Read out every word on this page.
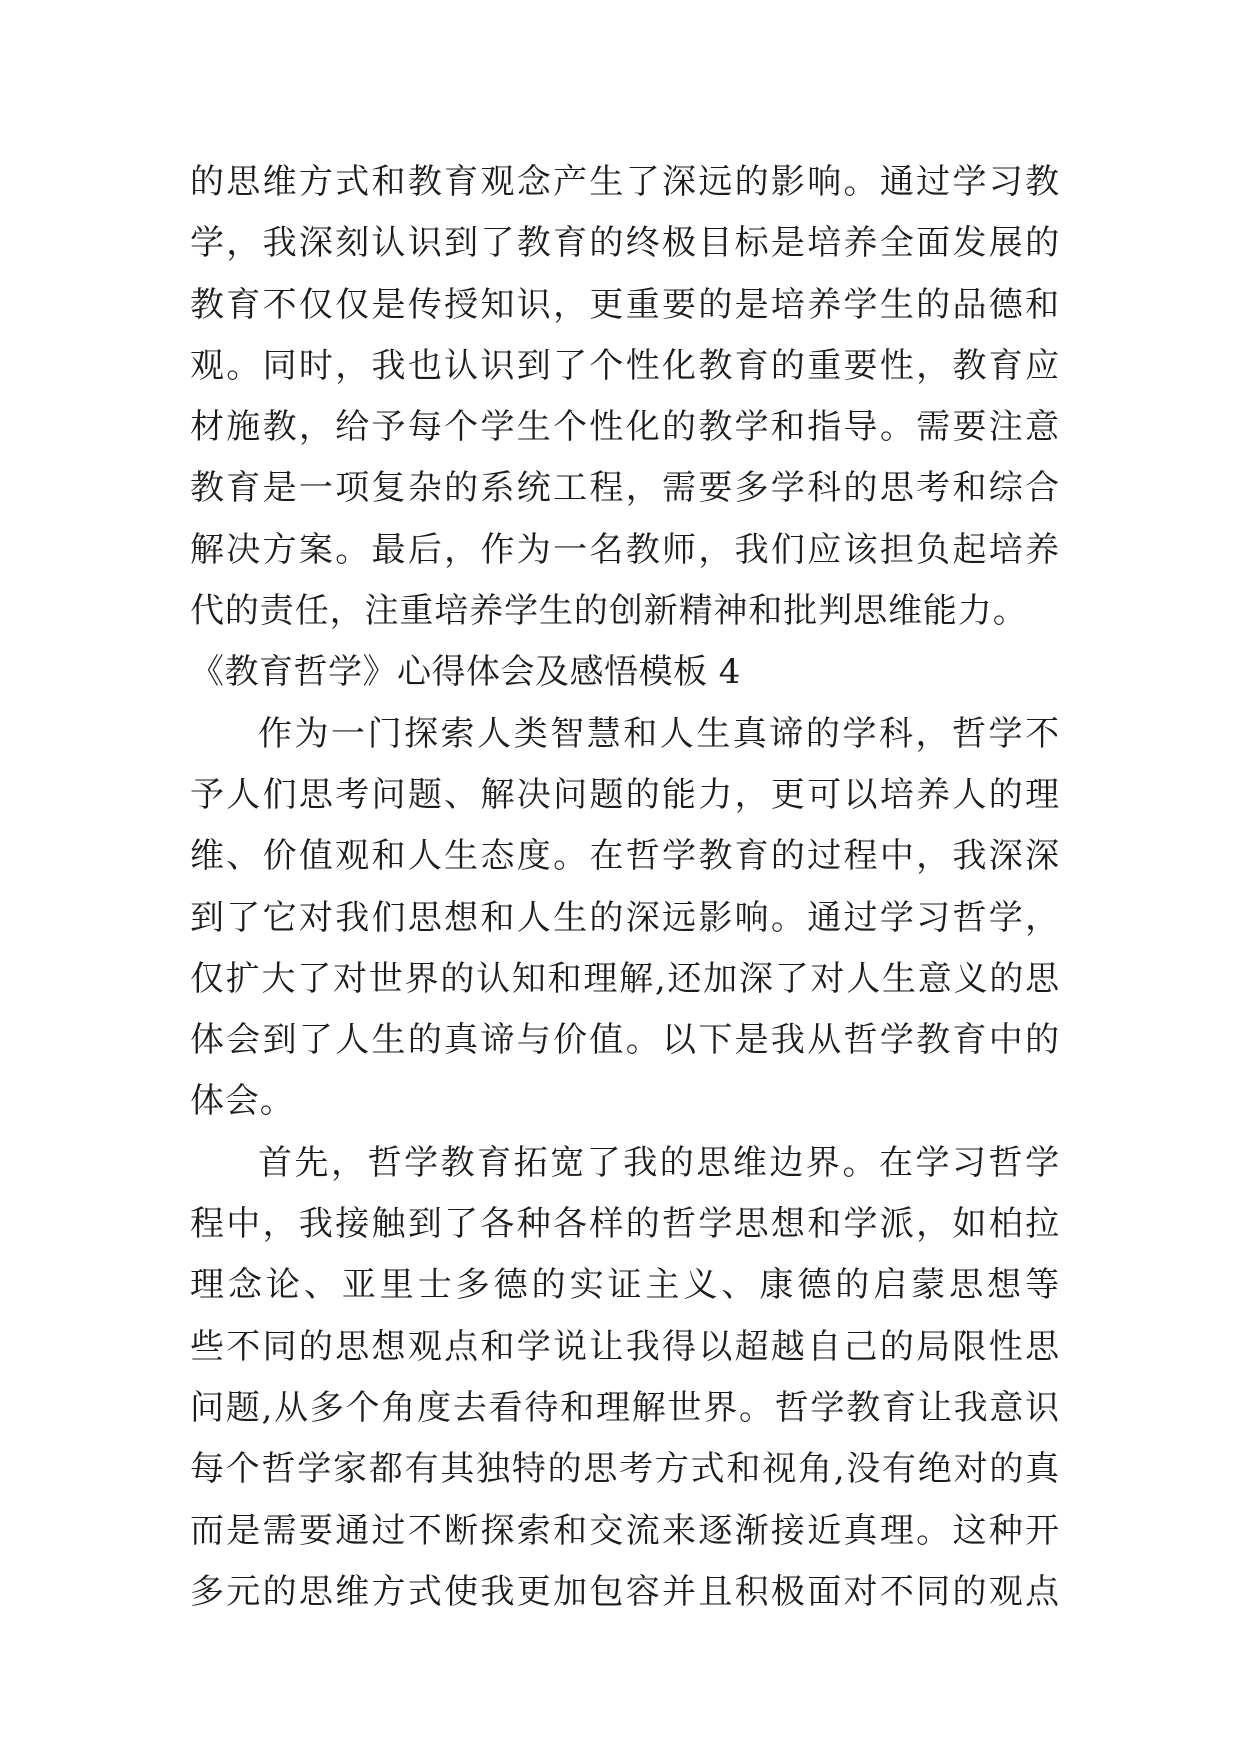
的思维方式和教育观念产生了深远的影响。通过学习教
学，我深刻认识到了教育的终极目标是培养全面发展的
教育不仅仅是传授知识，更重要的是培养学生的品德和
观。同时，我也认识到了个性化教育的重要性，教育应
材施教，给予每个学生个性化的教学和指导。需要注意
教育是一项复杂的系统工程，需要多学科的思考和综合
解决方案。最后，作为一名教师，我们应该担负起培养
代的责任，注重培养学生的创新精神和批判思维能力。
《教育哲学》心得体会及感悟模板 4
作为一门探索人类智慧和人生真谛的学科，哲学不
予人们思考问题、解决问题的能力，更可以培养人的理
维、价值观和人生态度。在哲学教育的过程中，我深深
到了它对我们思想和人生的深远影响。通过学习哲学，
仅扩大了对世界的认知和理解,还加深了对人生意义的思
体会到了人生的真谛与价值。以下是我从哲学教育中的
体会。
首先，哲学教育拓宽了我的思维边界。在学习哲学
程中，我接触到了各种各样的哲学思想和学派，如柏拉
理念论、亚里士多德的实证主义、康德的启蒙思想等
些不同的思想观点和学说让我得以超越自己的局限性思
问题,从多个角度去看待和理解世界。哲学教育让我意识
每个哲学家都有其独特的思考方式和视角,没有绝对的真
而是需要通过不断探索和交流来逐渐接近真理。这种开
多元的思维方式使我更加包容并且积极面对不同的观点
